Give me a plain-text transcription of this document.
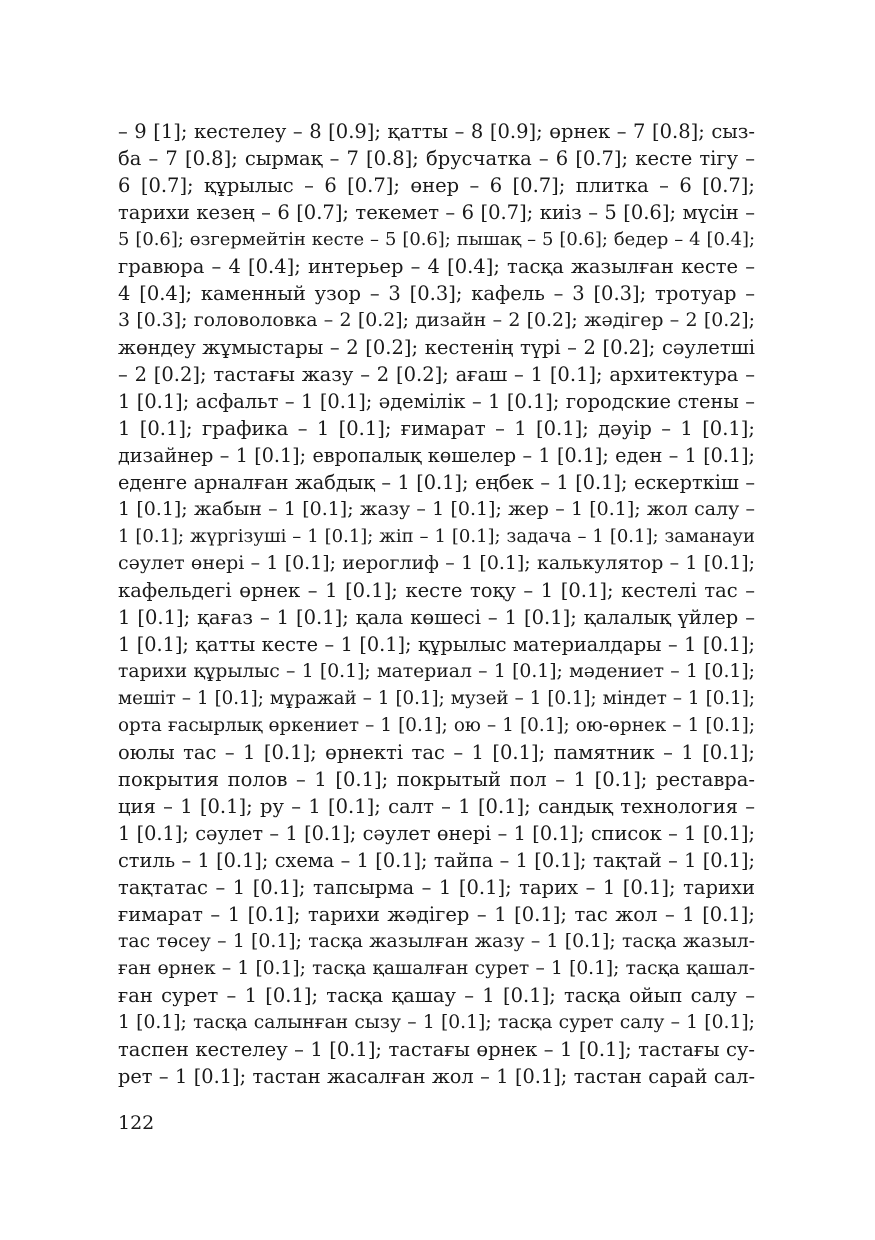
– 9 [1]; кестелеу – 8 [0.9]; қатты – 8 [0.9]; өрнек – 7 [0.8]; сыз-
ба – 7 [0.8]; сырмақ – 7 [0.8]; брусчатка – 6 [0.7]; кесте тігу –
6 [0.7]; құрылыс – 6 [0.7]; өнер – 6 [0.7]; плитка – 6 [0.7];
тарихи кезең – 6 [0.7]; текемет – 6 [0.7]; киіз – 5 [0.6]; мүсін –
5 [0.6]; өзгермейтін кесте – 5 [0.6]; пышақ – 5 [0.6]; бедер – 4 [0.4];
гравюра – 4 [0.4]; интерьер – 4 [0.4]; тасқа жазылған кесте –
4 [0.4]; каменный узор – 3 [0.3]; кафель – 3 [0.3]; тротуар –
3 [0.3]; головоловка – 2 [0.2]; дизайн – 2 [0.2]; жәдігер – 2 [0.2];
жөндеу жұмыстары – 2 [0.2]; кестенің түрі – 2 [0.2]; сәулетші
– 2 [0.2]; тастағы жазу – 2 [0.2]; ағаш – 1 [0.1]; архитектура –
1 [0.1]; асфальт – 1 [0.1]; әдемілік – 1 [0.1]; городские стены –
1 [0.1]; графика – 1 [0.1]; ғимарат – 1 [0.1]; дәуір – 1 [0.1];
дизайнер – 1 [0.1]; европалық көшелер – 1 [0.1]; еден – 1 [0.1];
еденге арналған жабдық – 1 [0.1]; еңбек – 1 [0.1]; ескерткіш –
1 [0.1]; жабын – 1 [0.1]; жазу – 1 [0.1]; жер – 1 [0.1]; жол салу –
1 [0.1]; жүргізуші – 1 [0.1]; жіп – 1 [0.1]; задача – 1 [0.1]; заманауи
сәулет өнері – 1 [0.1]; иероглиф – 1 [0.1]; калькулятор – 1 [0.1];
кафельдегі өрнек – 1 [0.1]; кесте тоқу – 1 [0.1]; кестелі тас –
1 [0.1]; қағаз – 1 [0.1]; қала көшесі – 1 [0.1]; қалалық үйлер –
1 [0.1]; қатты кесте – 1 [0.1]; құрылыс материалдары – 1 [0.1];
тарихи құрылыс – 1 [0.1]; материал – 1 [0.1]; мәдениет – 1 [0.1];
мешіт – 1 [0.1]; мұражай – 1 [0.1]; музей – 1 [0.1]; міндет – 1 [0.1];
орта ғасырлық өркениет – 1 [0.1]; ою – 1 [0.1]; ою-өрнек – 1 [0.1];
оюлы тас – 1 [0.1]; өрнекті тас – 1 [0.1]; памятник – 1 [0.1];
покрытия полов – 1 [0.1]; покрытый пол – 1 [0.1]; реставра-
ция – 1 [0.1]; ру – 1 [0.1]; салт – 1 [0.1]; сандық технология –
1 [0.1]; сәулет – 1 [0.1]; сәулет өнері – 1 [0.1]; список – 1 [0.1];
стиль – 1 [0.1]; схема – 1 [0.1]; тайпа – 1 [0.1]; тақтай – 1 [0.1];
тақтатас – 1 [0.1]; тапсырма – 1 [0.1]; тарих – 1 [0.1]; тарихи
ғимарат – 1 [0.1]; тарихи жәдігер – 1 [0.1]; тас жол – 1 [0.1];
тас төсеу – 1 [0.1]; тасқа жазылған жазу – 1 [0.1]; тасқа жазыл-
ған өрнек – 1 [0.1]; тасқа қашалған сурет – 1 [0.1]; тасқа қашал-
ған сурет – 1 [0.1]; тасқа қашау – 1 [0.1]; тасқа ойып салу –
1 [0.1]; тасқа салынған сызу – 1 [0.1]; тасқа сурет салу – 1 [0.1];
таспен кестелеу – 1 [0.1]; тастағы өрнек – 1 [0.1]; тастағы су-
рет – 1 [0.1]; тастан жасалған жол – 1 [0.1]; тастан сарай сал-
122
